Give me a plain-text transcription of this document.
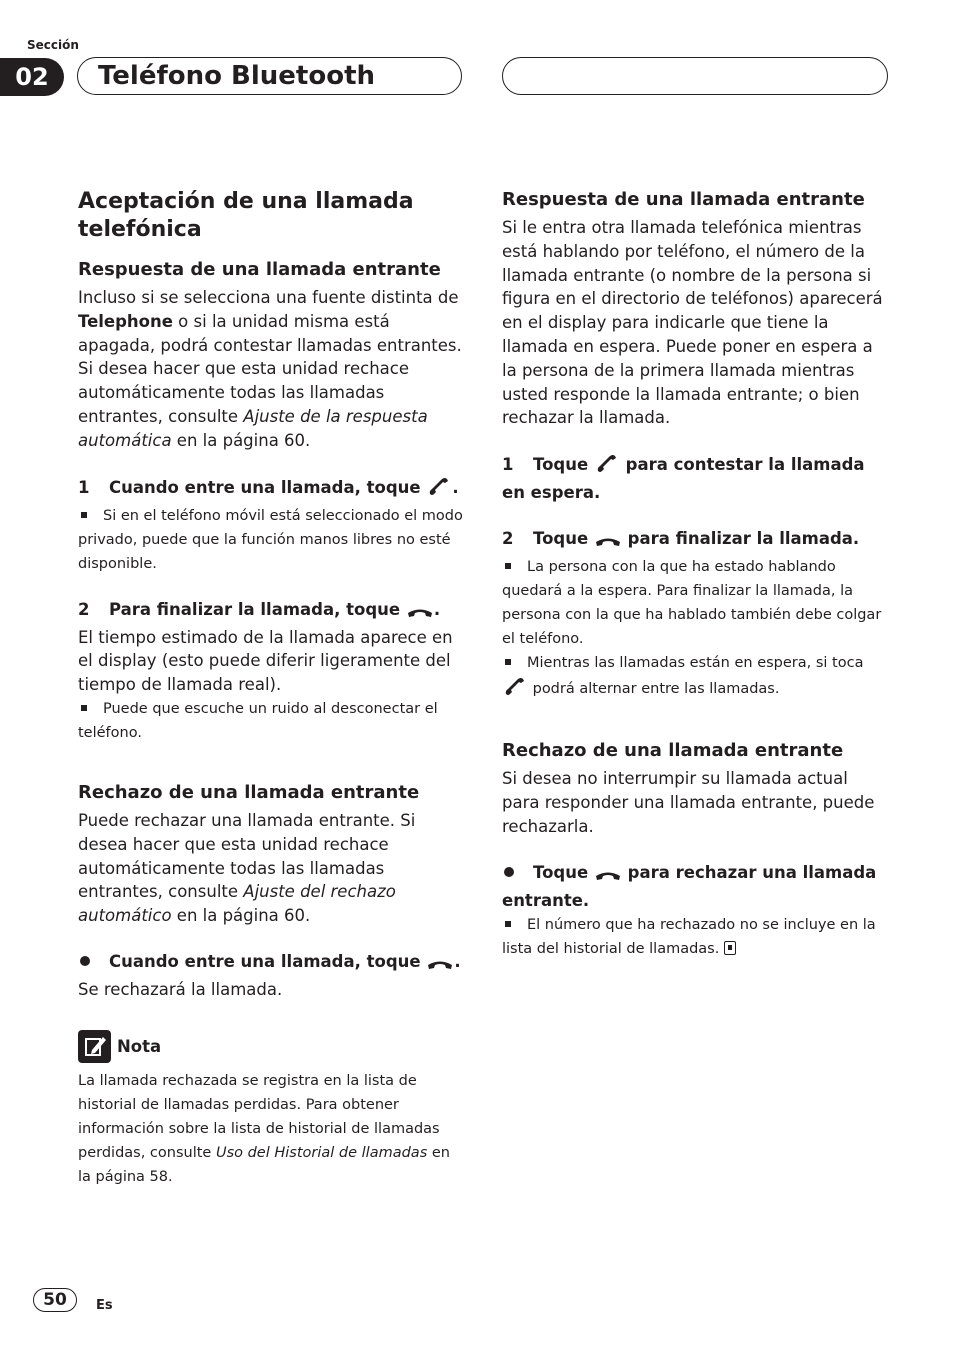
Sección
02	Teléfono Bluetooth
Aceptación de una llamada telefónica
Respuesta de una llamada entrante

Incluso si se selecciona una fuente distinta de Telephone o si la unidad misma está apagada, podrá contestar llamadas entrantes. Si desea hacer que esta unidad rechace automáticamente todas las llamadas entrantes, consulte Ajuste de la respuesta automática en la página 60.

1 Cuando entre una llamada, toque .

Si en el teléfono móvil está seleccionado el modo privado, puede que la función manos libres no esté disponible.

2 Para finalizar la llamada, toque .

El tiempo estimado de la llamada aparece en el display (esto puede diferir ligeramente del tiempo de llamada real).

Puede que escuche un ruido al desconectar el teléfono.

Rechazo de una llamada entrante

Puede rechazar una llamada entrante. Si desea hacer que esta unidad rechace automáticamente todas las llamadas entrantes, consulte Ajuste del rechazo automático en la página 60.

Cuando entre una llamada, toque .

Se rechazará la llamada.

Nota

La llamada rechazada se registra en la lista de historial de llamadas perdidas. Para obtener información sobre la lista de historial de llamadas perdidas, consulte Uso del Historial de llamadas en la página 58.

Respuesta de una llamada entrante

Si le entra otra llamada telefónica mientras está hablando por teléfono, el número de la llamada entrante (o nombre de la persona si figura en el directorio de teléfonos) aparecerá en el display para indicarle que tiene la llamada en espera. Puede poner en espera a la persona de la primera llamada mientras usted responde la llamada entrante; o bien rechazar la llamada.

1 Toque para contestar la llamada en espera.

2 Toque para finalizar la llamada.

La persona con la que ha estado hablando quedará a la espera. Para finalizar la llamada, la persona con la que ha hablado también debe colgar el teléfono.

Mientras las llamadas están en espera, si toca  podrá alternar entre las llamadas.

Rechazo de una llamada entrante

Si desea no interrumpir su llamada actual para responder una llamada entrante, puede rechazarla.

Toque para rechazar una llamada entrante.

El número que ha rechazado no se incluye en la lista del historial de llamadas.

50	Es
